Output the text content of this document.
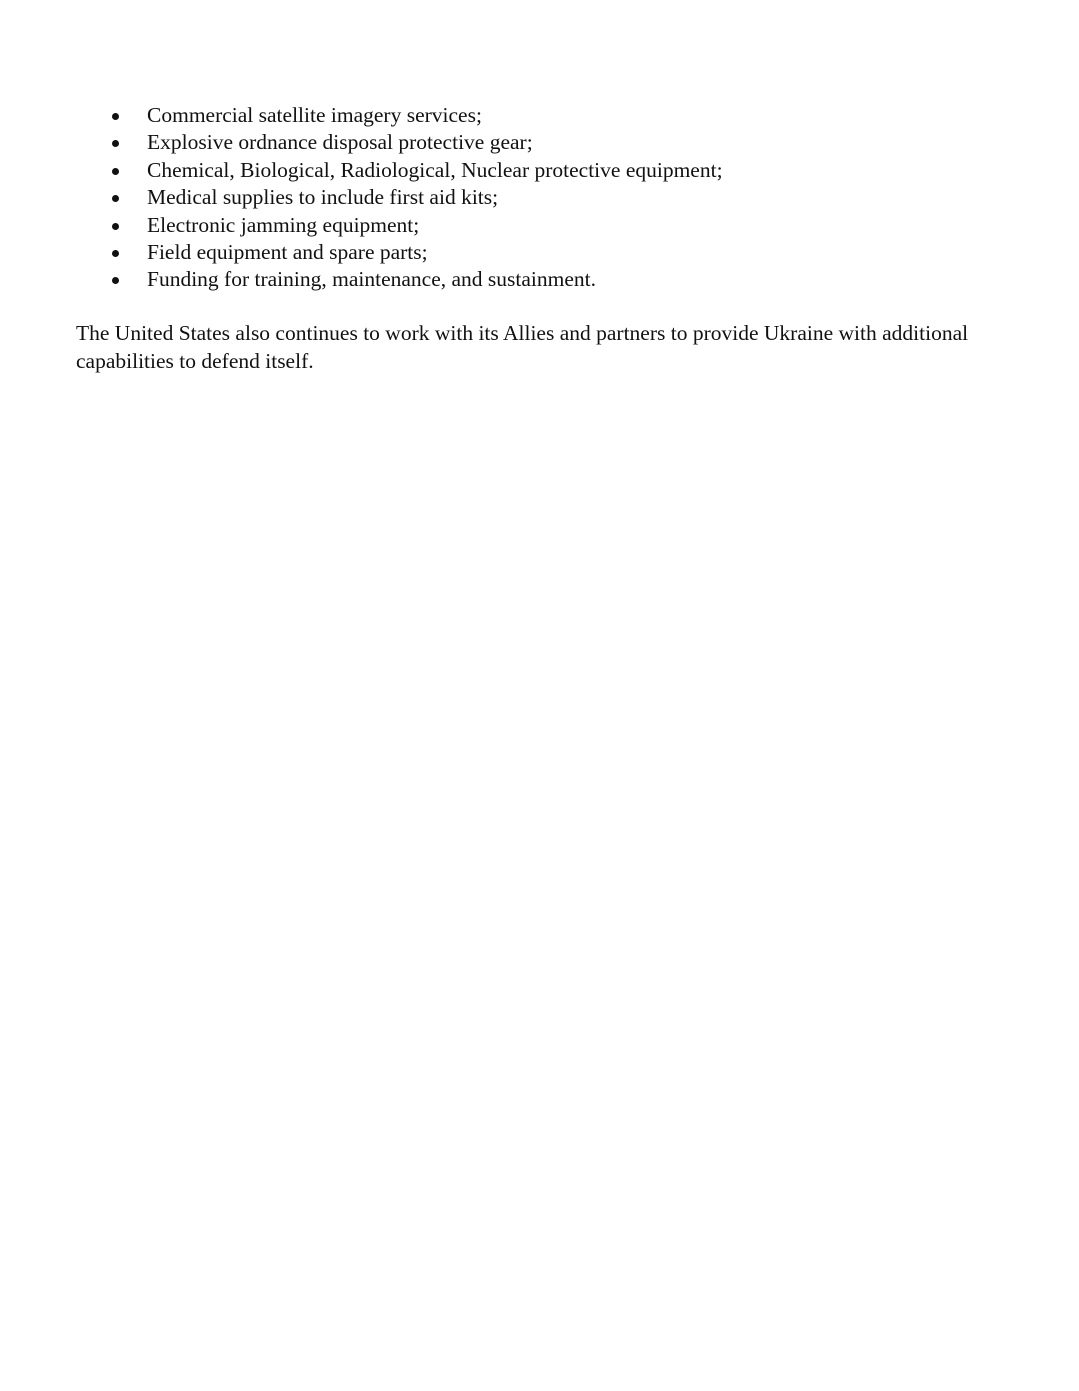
Commercial satellite imagery services;
Explosive ordnance disposal protective gear;
Chemical, Biological, Radiological, Nuclear protective equipment;
Medical supplies to include first aid kits;
Electronic jamming equipment;
Field equipment and spare parts;
Funding for training, maintenance, and sustainment.

The United States also continues to work with its Allies and partners to provide Ukraine with additional capabilities to defend itself.
